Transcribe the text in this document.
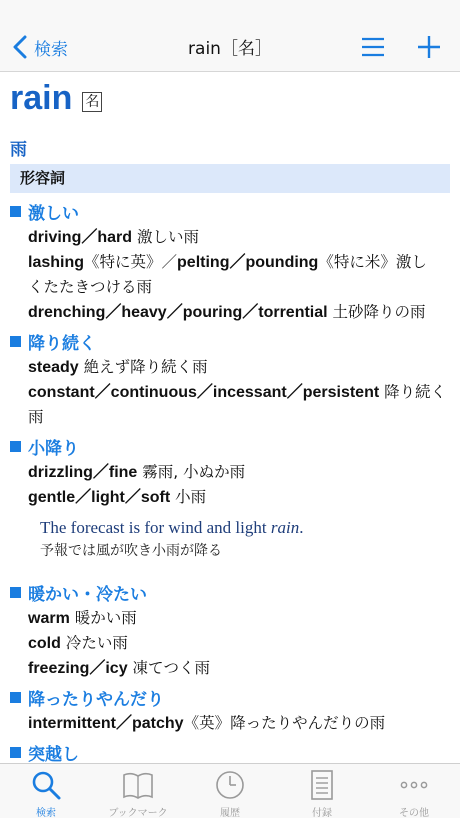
検索	rain［名］
rain 名
雨
形容詞
激しい
driving／hard 激しい雨
lashing《特に英》／pelting／pounding《特に米》激し
くたたきつける雨
drenching／heavy／pouring／torrential 土砂降りの雨
降り続く
steady 絶えず降り続く雨
constant／continuous／incessant／persistent 降り続く
雨
小降り
drizzling／fine 霧雨, 小ぬか雨
gentle／light／soft 小雨
The forecast is for wind and light rain.
予報では風が吹き小雨が降る
暖かい・冷たい
warm 暖かい雨
cold 冷たい雨
freezing／icy 凍てつく雨
降ったりやんだり
intermittent／patchy《英》降ったりやんだりの雨
突越し
検索	ブックマーク	履歴	付録	その他
